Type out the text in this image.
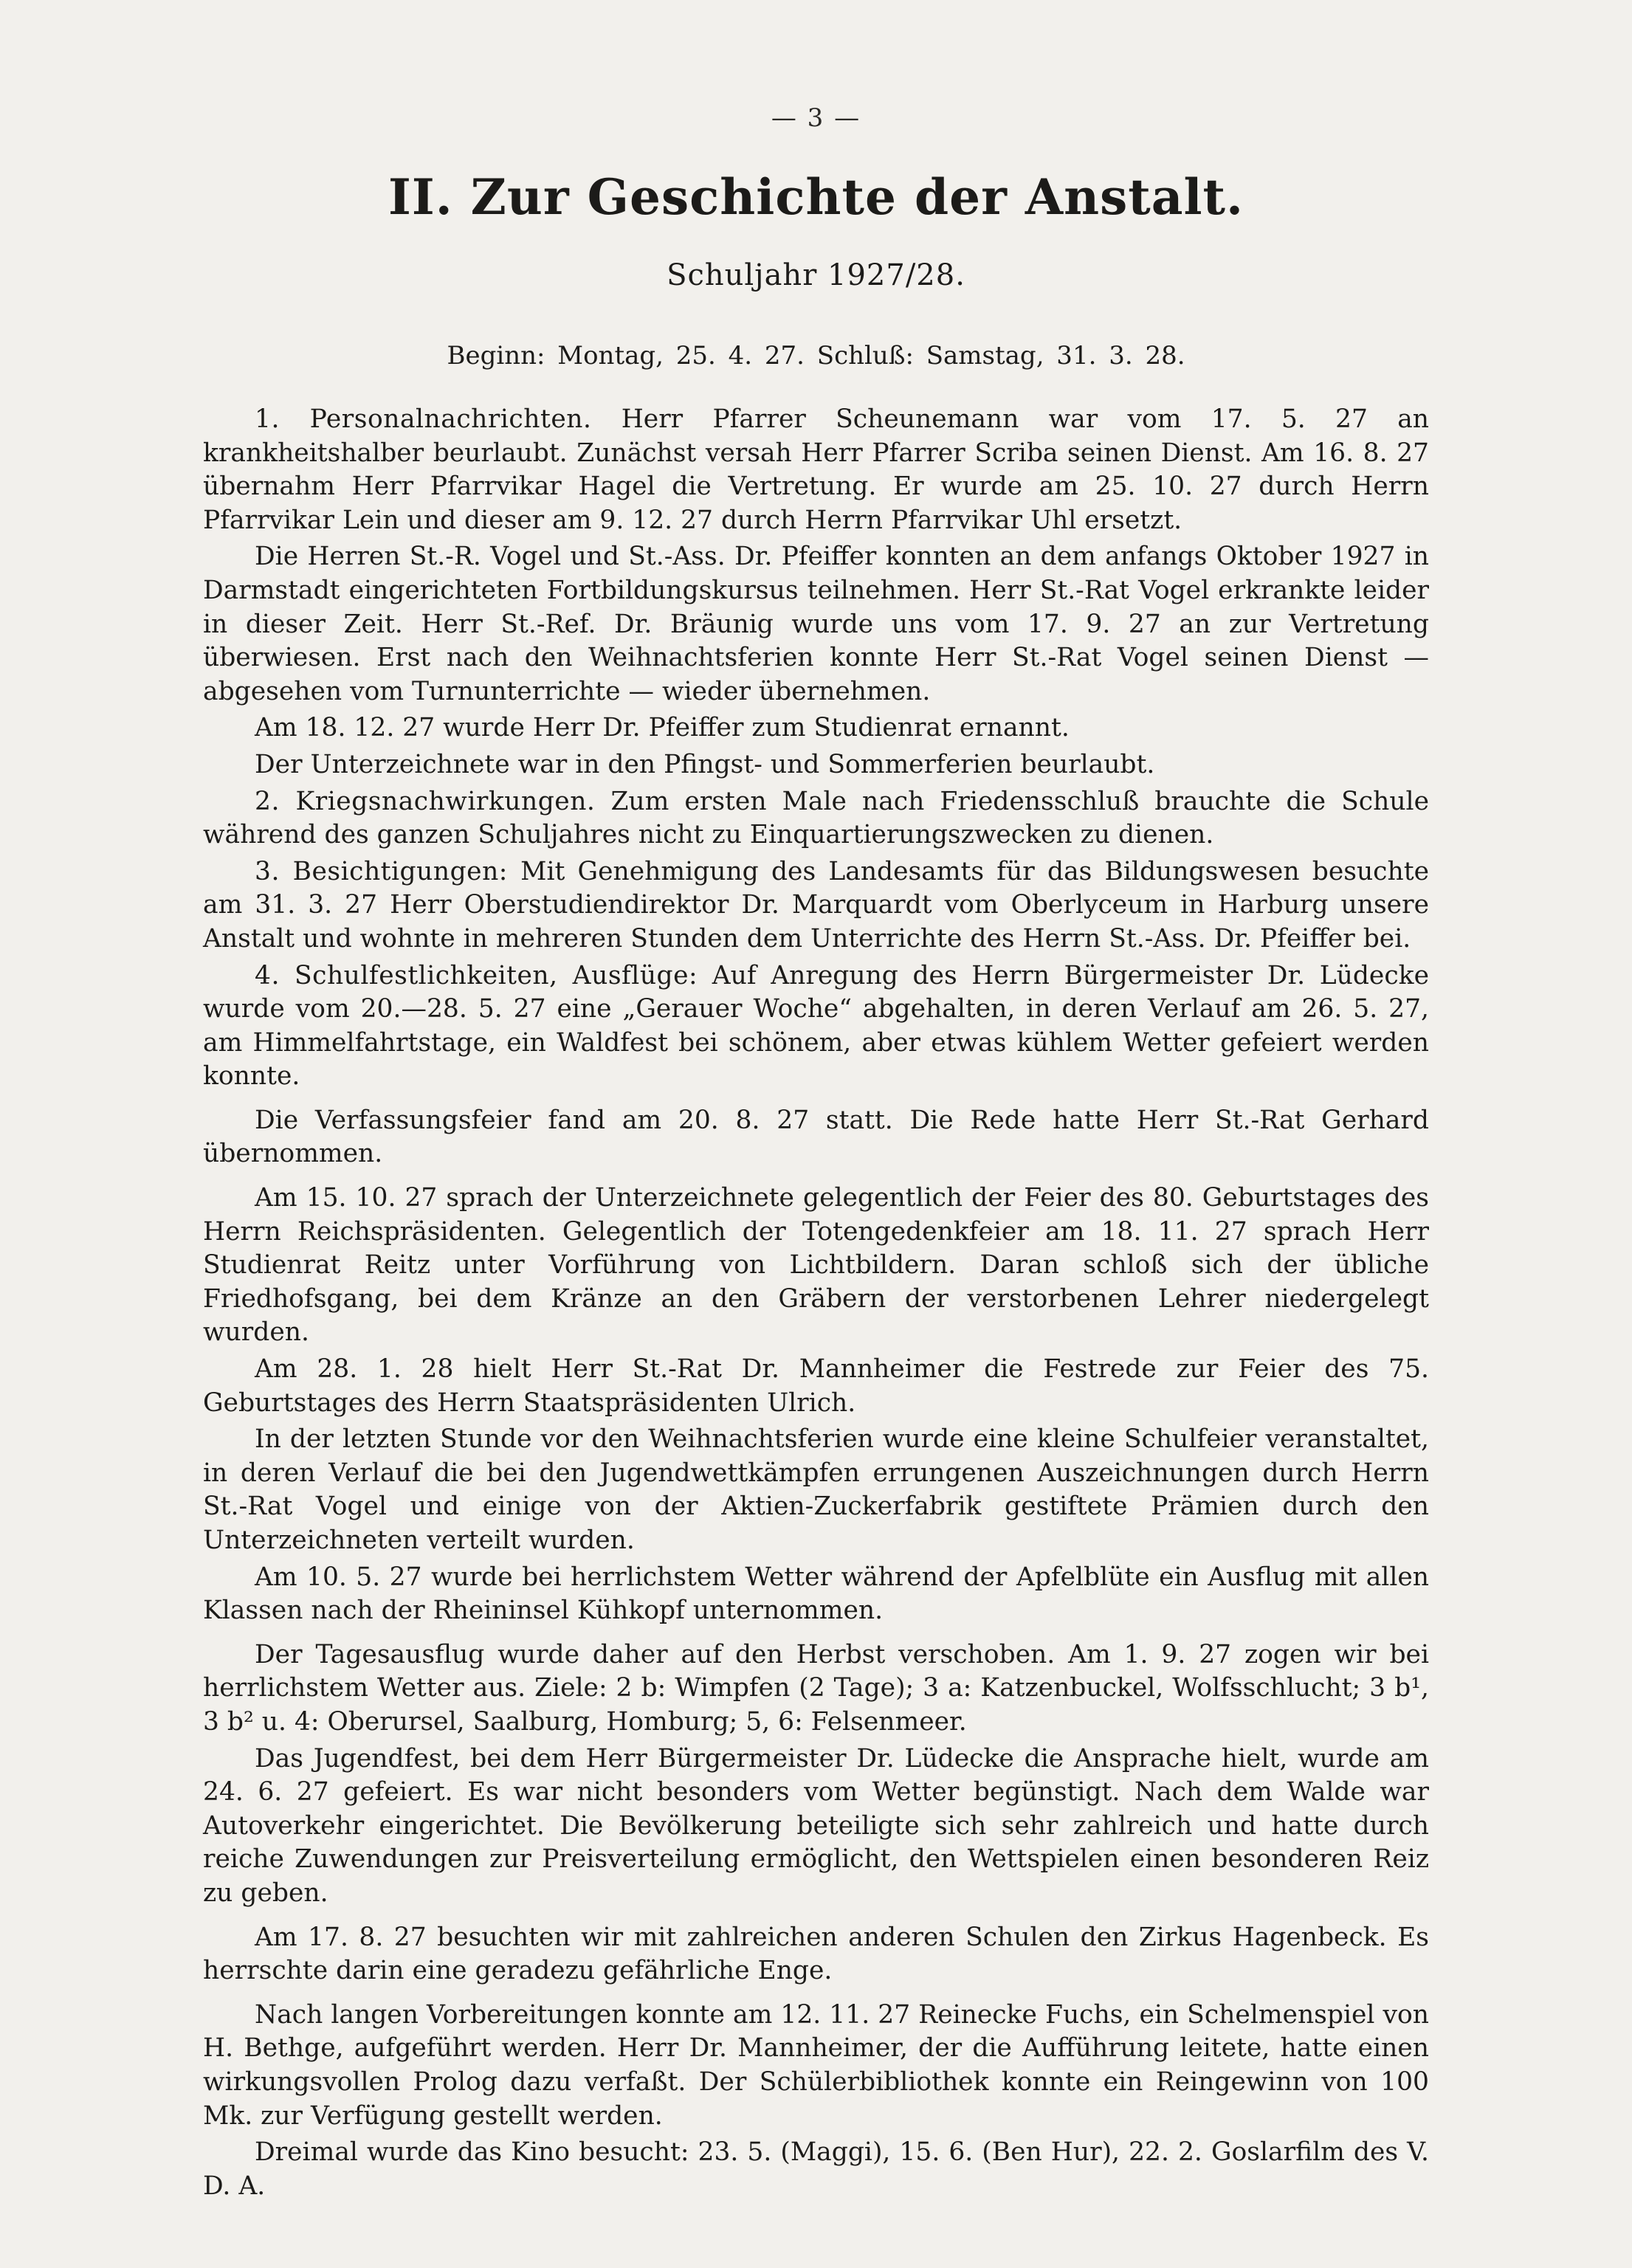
— 3 —
II. Zur Geschichte der Anstalt.
Schuljahr 1927/28.
Beginn: Montag, 25. 4. 27. Schluß: Samstag, 31. 3. 28.

1. Personalnachrichten. Herr Pfarrer Scheunemann war vom 17. 5. 27 an krankheitshalber beurlaubt. Zunächst versah Herr Pfarrer Scriba seinen Dienst. Am 16. 8. 27 übernahm Herr Pfarrvikar Hagel die Vertretung. Er wurde am 25. 10. 27 durch Herrn Pfarrvikar Lein und dieser am 9. 12. 27 durch Herrn Pfarrvikar Uhl ersetzt.

Die Herren St.-R. Vogel und St.-Ass. Dr. Pfeiffer konnten an dem anfangs Oktober 1927 in Darmstadt eingerichteten Fortbildungskursus teilnehmen. Herr St.-Rat Vogel erkrankte leider in dieser Zeit. Herr St.-Ref. Dr. Bräunig wurde uns vom 17. 9. 27 an zur Vertretung überwiesen. Erst nach den Weihnachtsferien konnte Herr St.-Rat Vogel seinen Dienst — abgesehen vom Turnunterrichte — wieder übernehmen.

Am 18. 12. 27 wurde Herr Dr. Pfeiffer zum Studienrat ernannt.

Der Unterzeichnete war in den Pfingst- und Sommerferien beurlaubt.

2. Kriegsnachwirkungen. Zum ersten Male nach Friedensschluß brauchte die Schule während des ganzen Schuljahres nicht zu Einquartierungszwecken zu dienen.

3. Besichtigungen: Mit Genehmigung des Landesamts für das Bildungswesen besuchte am 31. 3. 27 Herr Oberstudiendirektor Dr. Marquardt vom Oberlyceum in Harburg unsere Anstalt und wohnte in mehreren Stunden dem Unterrichte des Herrn St.-Ass. Dr. Pfeiffer bei.

4. Schulfestlichkeiten, Ausflüge: Auf Anregung des Herrn Bürgermeister Dr. Lüdecke wurde vom 20.—28. 5. 27 eine „Gerauer Woche“ abgehalten, in deren Verlauf am 26. 5. 27, am Himmelfahrtstage, ein Waldfest bei schönem, aber etwas kühlem Wetter gefeiert werden konnte.

Die Verfassungsfeier fand am 20. 8. 27 statt. Die Rede hatte Herr St.-Rat Gerhard übernommen.

Am 15. 10. 27 sprach der Unterzeichnete gelegentlich der Feier des 80. Geburtstages des Herrn Reichspräsidenten. Gelegentlich der Totengedenkfeier am 18. 11. 27 sprach Herr Studienrat Reitz unter Vorführung von Lichtbildern. Daran schloß sich der übliche Friedhofsgang, bei dem Kränze an den Gräbern der verstorbenen Lehrer niedergelegt wurden.

Am 28. 1. 28 hielt Herr St.-Rat Dr. Mannheimer die Festrede zur Feier des 75. Geburtstages des Herrn Staatspräsidenten Ulrich.

In der letzten Stunde vor den Weihnachtsferien wurde eine kleine Schulfeier veranstaltet, in deren Verlauf die bei den Jugendwettkämpfen errungenen Auszeichnungen durch Herrn St.-Rat Vogel und einige von der Aktien-Zuckerfabrik gestiftete Prämien durch den Unterzeichneten verteilt wurden.

Am 10. 5. 27 wurde bei herrlichstem Wetter während der Apfelblüte ein Ausflug mit allen Klassen nach der Rheininsel Kühkopf unternommen.

Der Tagesausflug wurde daher auf den Herbst verschoben. Am 1. 9. 27 zogen wir bei herrlichstem Wetter aus. Ziele: 2 b: Wimpfen (2 Tage); 3 a: Katzenbuckel, Wolfsschlucht; 3 b¹, 3 b² u. 4: Oberursel, Saalburg, Homburg; 5, 6: Felsenmeer.

Das Jugendfest, bei dem Herr Bürgermeister Dr. Lüdecke die Ansprache hielt, wurde am 24. 6. 27 gefeiert. Es war nicht besonders vom Wetter begünstigt. Nach dem Walde war Autoverkehr eingerichtet. Die Bevölkerung beteiligte sich sehr zahlreich und hatte durch reiche Zuwendungen zur Preisverteilung ermöglicht, den Wettspielen einen besonderen Reiz zu geben.

Am 17. 8. 27 besuchten wir mit zahlreichen anderen Schulen den Zirkus Hagenbeck. Es herrschte darin eine geradezu gefährliche Enge.

Nach langen Vorbereitungen konnte am 12. 11. 27 Reinecke Fuchs, ein Schelmenspiel von H. Bethge, aufgeführt werden. Herr Dr. Mannheimer, der die Aufführung leitete, hatte einen wirkungsvollen Prolog dazu verfaßt. Der Schülerbibliothek konnte ein Reingewinn von 100 Mk. zur Verfügung gestellt werden.

Dreimal wurde das Kino besucht: 23. 5. (Maggi), 15. 6. (Ben Hur), 22. 2. Goslarfilm des V. D. A.
